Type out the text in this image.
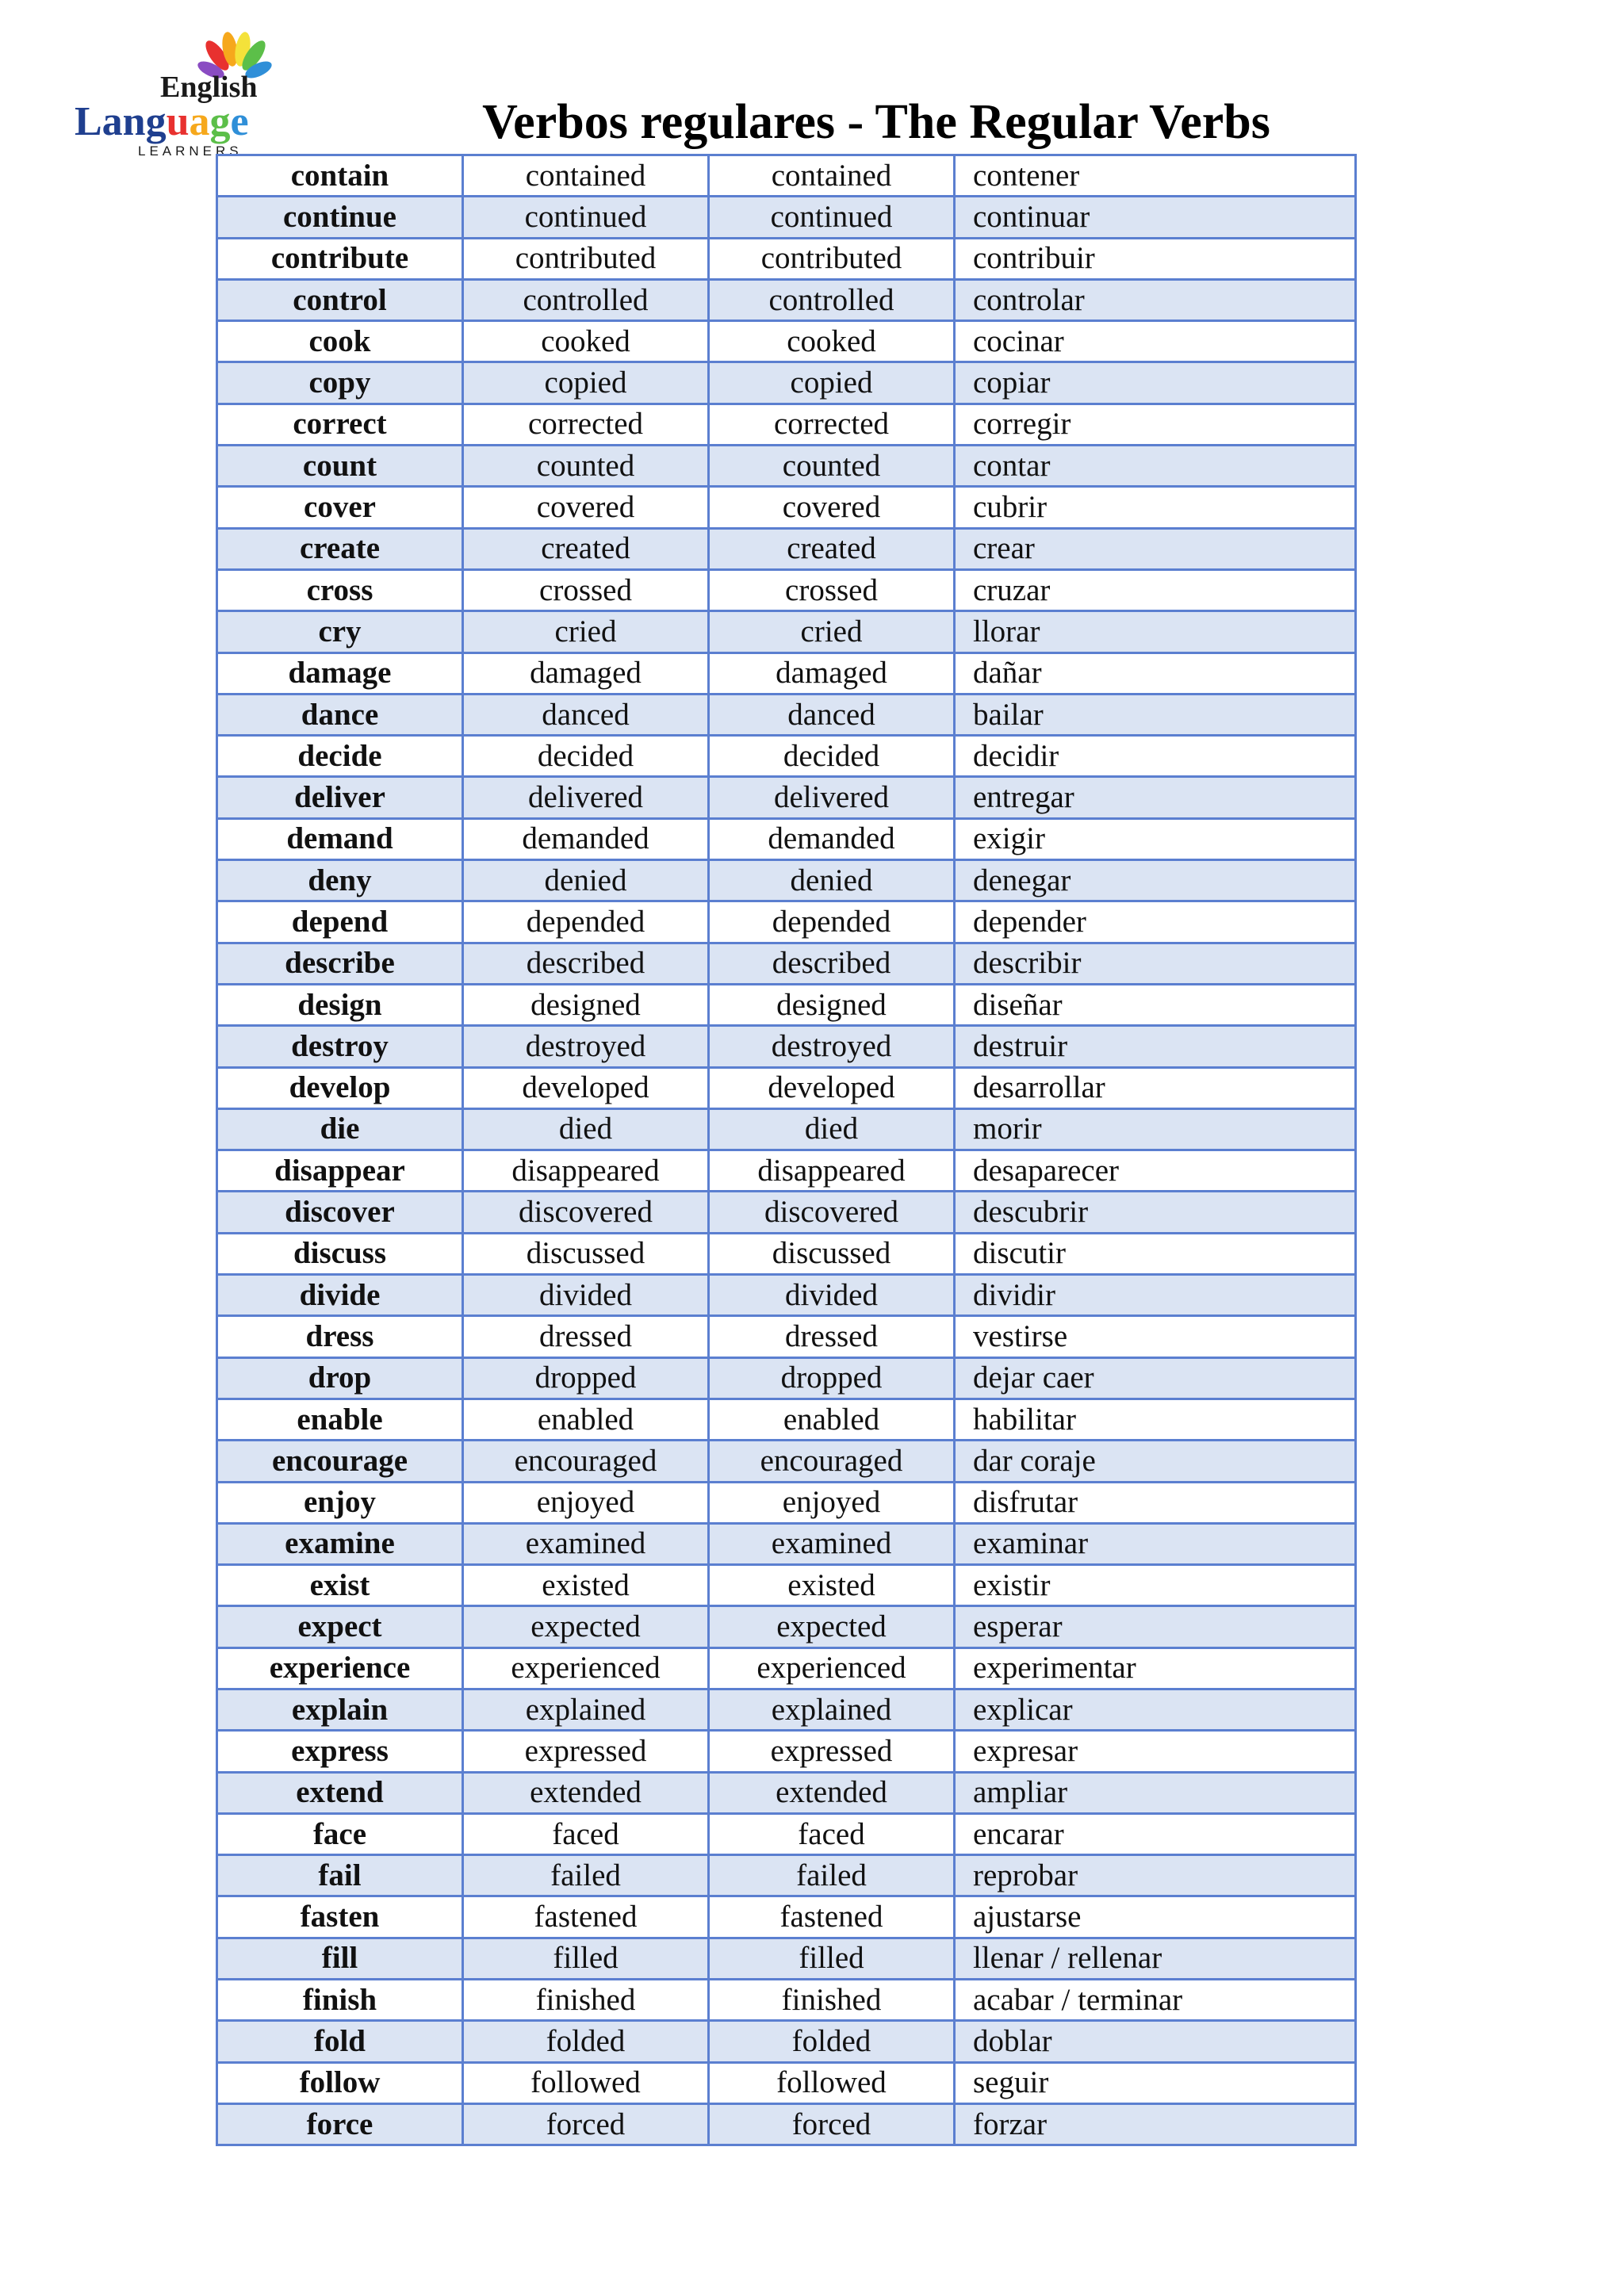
English
Language
LEARNERS
Verbos regulares - The Regular Verbs
contain	contained	contained	contener
continue	continued	continued	continuar
contribute	contributed	contributed	contribuir
control	controlled	controlled	controlar
cook	cooked	cooked	cocinar
copy	copied	copied	copiar
correct	corrected	corrected	corregir
count	counted	counted	contar
cover	covered	covered	cubrir
create	created	created	crear
cross	crossed	crossed	cruzar
cry	cried	cried	llorar
damage	damaged	damaged	dañar
dance	danced	danced	bailar
decide	decided	decided	decidir
deliver	delivered	delivered	entregar
demand	demanded	demanded	exigir
deny	denied	denied	denegar
depend	depended	depended	depender
describe	described	described	describir
design	designed	designed	diseñar
destroy	destroyed	destroyed	destruir
develop	developed	developed	desarrollar
die	died	died	morir
disappear	disappeared	disappeared	desaparecer
discover	discovered	discovered	descubrir
discuss	discussed	discussed	discutir
divide	divided	divided	dividir
dress	dressed	dressed	vestirse
drop	dropped	dropped	dejar caer
enable	enabled	enabled	habilitar
encourage	encouraged	encouraged	dar coraje
enjoy	enjoyed	enjoyed	disfrutar
examine	examined	examined	examinar
exist	existed	existed	existir
expect	expected	expected	esperar
experience	experienced	experienced	experimentar
explain	explained	explained	explicar
express	expressed	expressed	expresar
extend	extended	extended	ampliar
face	faced	faced	encarar
fail	failed	failed	reprobar
fasten	fastened	fastened	ajustarse
fill	filled	filled	llenar / rellenar
finish	finished	finished	acabar / terminar
fold	folded	folded	doblar
follow	followed	followed	seguir
force	forced	forced	forzar
